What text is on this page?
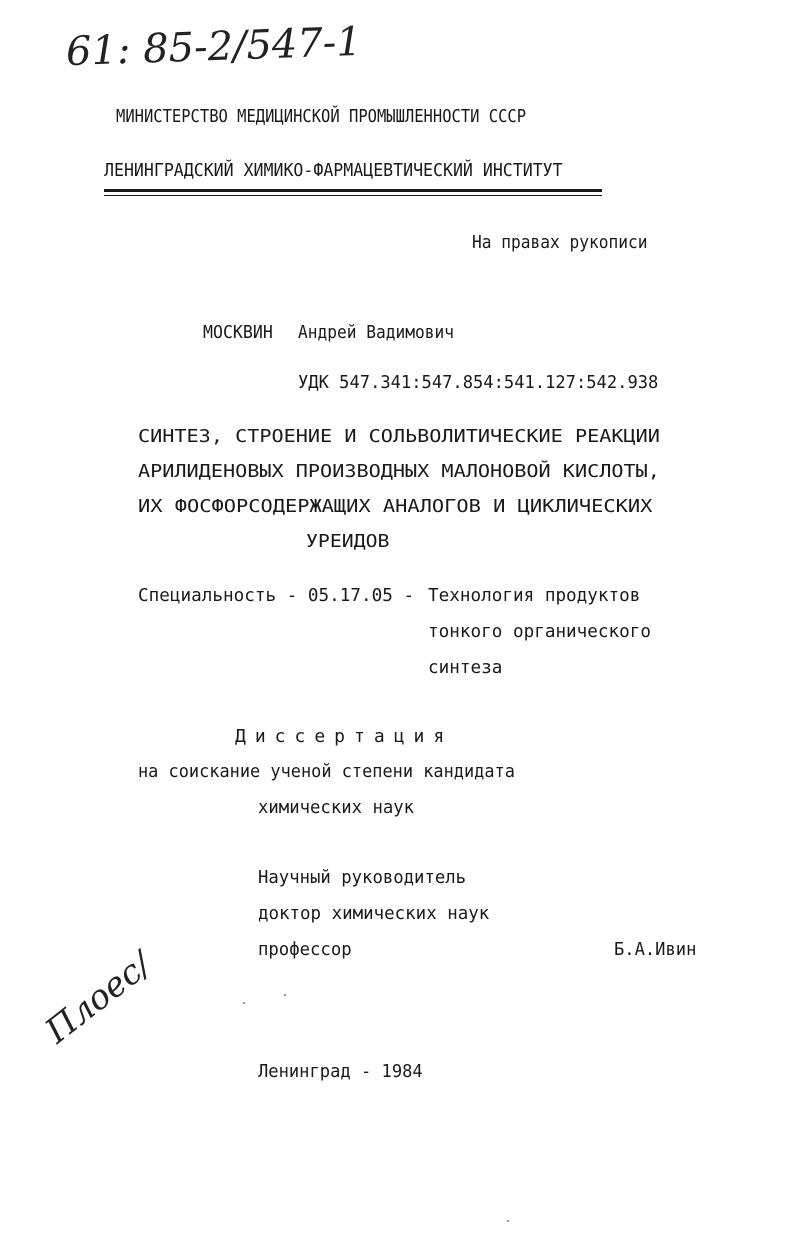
61: 85-2/547-1
МИНИСТЕРСТВО МЕДИЦИНСКОЙ ПРОМЫШЛЕННОСТИ СССР
ЛЕНИНГРАДСКИЙ ХИМИКО-ФАРМАЦЕВТИЧЕСКИЙ ИНСТИТУТ
На правах рукописи
МОСКВИН Андрей Вадимович
УДК 547.341:547.854:541.127:542.938
СИНТЕЗ, СТРОЕНИЕ И СОЛЬВОЛИТИЧЕСКИЕ РЕАКЦИИ
АРИЛИДЕНОВЫХ ПРОИЗВОДНЫХ МАЛОНОВОЙ КИСЛОТЫ,
ИХ ФОСФОРСОДЕРЖАЩИХ АНАЛОГОВ И ЦИКЛИЧЕСКИХ
УРЕИДОВ
Специальность - 05.17.05 - Технология продуктов
тонкого органического
синтеза
Диссертация
на соискание ученой степени кандидата
химических наук
Научный руководитель
доктор химических наук
профессор	Б.А.Ивин
Плоес/
Ленинград - 1984
